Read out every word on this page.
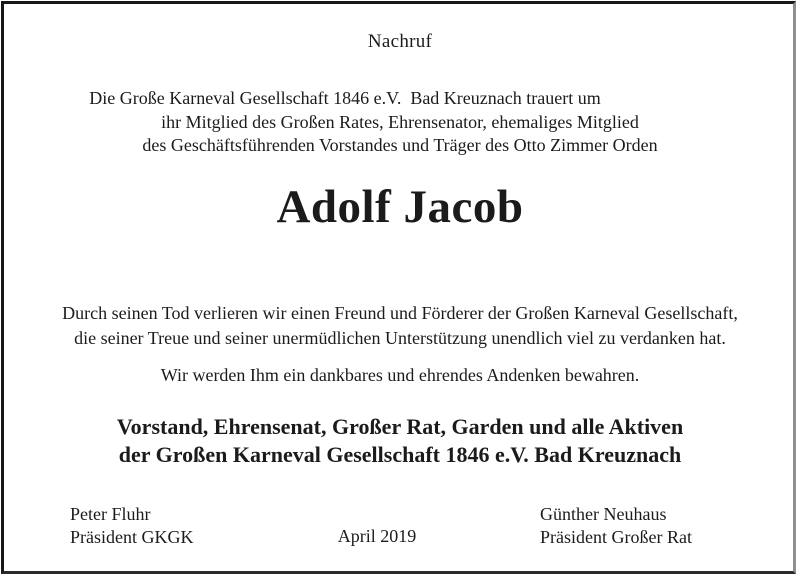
Nachruf
Die Große Karneval Gesellschaft 1846 e.V.  Bad Kreuznach trauert um
ihr Mitglied des Großen Rates, Ehrensenator, ehemaliges Mitglied
des Geschäftsführenden Vorstandes und Träger des Otto Zimmer Orden
Adolf Jacob
Durch seinen Tod verlieren wir einen Freund und Förderer der Großen Karneval Gesellschaft,
die seiner Treue und seiner unermüdlichen Unterstützung unendlich viel zu verdanken hat.
Wir werden Ihm ein dankbares und ehrendes Andenken bewahren.
Vorstand, Ehrensenat, Großer Rat, Garden und alle Aktiven
der Großen Karneval Gesellschaft 1846 e.V. Bad Kreuznach
Peter Fluhr
Präsident GKGK	April 2019
Günther Neuhaus
Präsident Großer Rat
